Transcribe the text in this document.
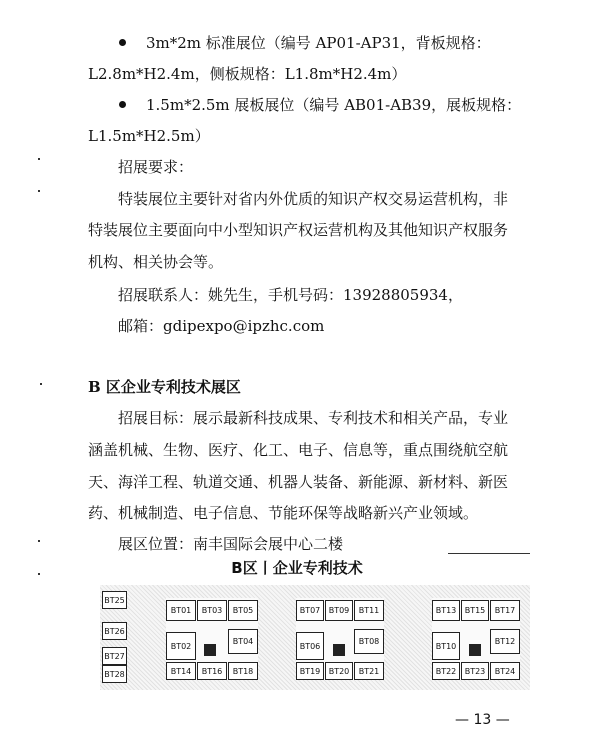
3m*2m 标准展位（编号 AP01-AP31，背板规格：
L2.8m*H2.4m，侧板规格：L1.8m*H2.4m）
1.5m*2.5m 展板展位（编号 AB01-AB39，展板规格：
L1.5m*H2.5m）
招展要求：
特装展位主要针对省内外优质的知识产权交易运营机构，非
特装展位主要面向中小型知识产权运营机构及其他知识产权服务
机构、相关协会等。
招展联系人：姚先生，手机号码：13928805934，
邮箱：gdipexpo@ipzhc.com
B 区企业专利技术展区
招展目标：展示最新科技成果、专利技术和相关产品，专业
涵盖机械、生物、医疗、化工、电子、信息等，重点围绕航空航
天、海洋工程、轨道交通、机器人装备、新能源、新材料、新医
药、机械制造、电子信息、节能环保等战略新兴产业领域。
展区位置：南丰国际会展中心二楼
B区丨企业专利技术
BT25
BT26
BT27
BT28
BT01	BT03	BT05
BT02	BT04
BT14	BT16	BT18
BT07	BT09	BT11
BT06	BT08
BT19	BT20	BT21
BT13	BT15	BT17
BT10	BT12
BT22	BT23	BT24
— 13 —
